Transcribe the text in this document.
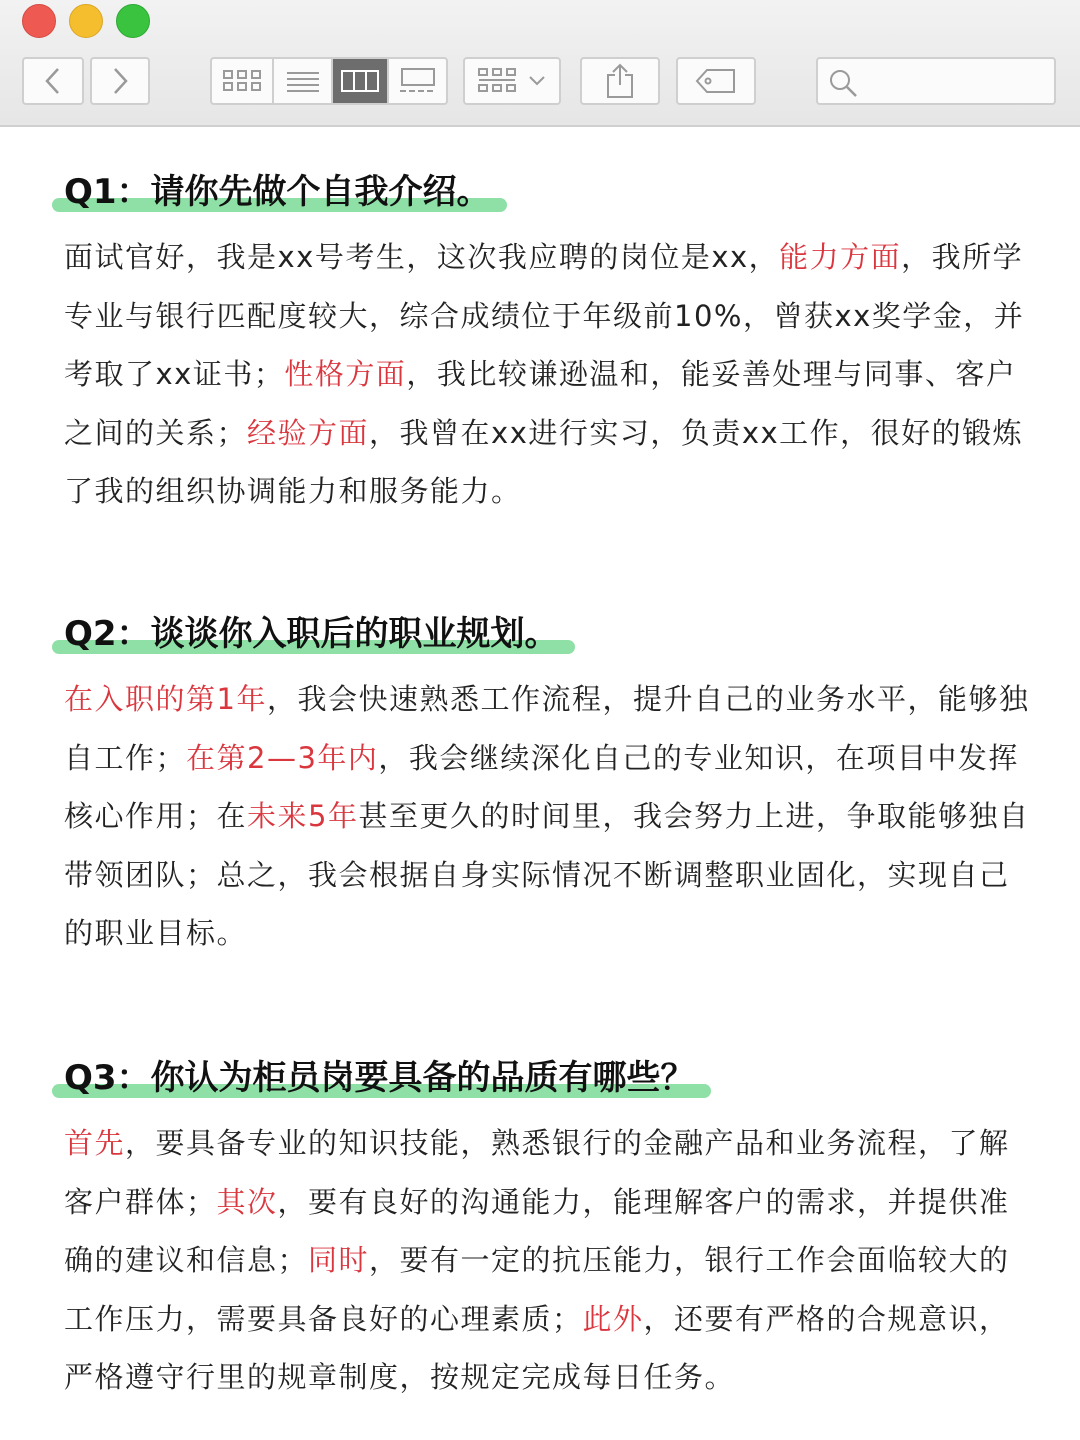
Q1：请你先做个自我介绍。
面试官好，我是xx号考生，这次我应聘的岗位是xx，能力方面，我所学专业与银行匹配度较大，综合成绩位于年级前10%，曾获xx奖学金，并考取了xx证书；性格方面，我比较谦逊温和，能妥善处理与同事、客户之间的关系；经验方面，我曾在xx进行实习，负责xx工作，很好的锻炼了我的组织协调能力和服务能力。
Q2：谈谈你入职后的职业规划。
在入职的第1年，我会快速熟悉工作流程，提升自己的业务水平，能够独自工作；在第2—3年内，我会继续深化自己的专业知识，在项目中发挥核心作用；在未来5年甚至更久的时间里，我会努力上进，争取能够独自带领团队；总之，我会根据自身实际情况不断调整职业固化，实现自己的职业目标。
Q3：你认为柜员岗要具备的品质有哪些？
首先，要具备专业的知识技能，熟悉银行的金融产品和业务流程，了解客户群体；其次，要有良好的沟通能力，能理解客户的需求，并提供准确的建议和信息；同时，要有一定的抗压能力，银行工作会面临较大的工作压力，需要具备良好的心理素质；此外，还要有严格的合规意识，严格遵守行里的规章制度，按规定完成每日任务。
